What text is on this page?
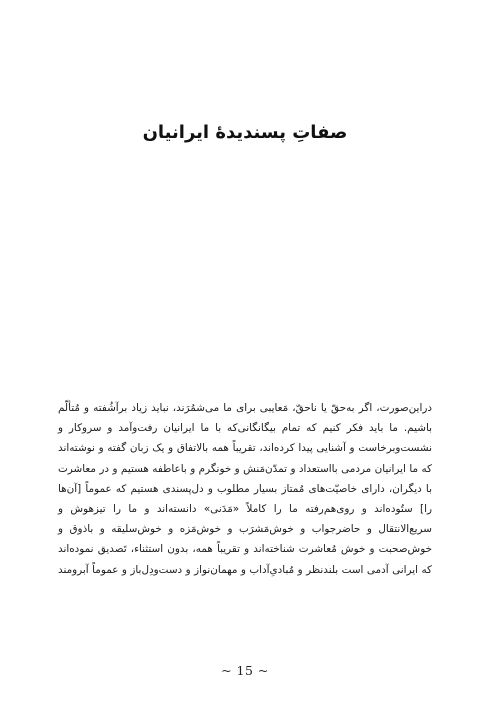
صفاتِ پسندیدهٔ ایرانیان

دراین‌صورت، اگر به‌حقّ یا ناحقّ، مَعایبی برای ما می‌شمُرَند، نباید زیاد برآشُفته و مُتألّم باشیم. ما باید فکر کنیم که تمام بیگانگانی‌که با ما ایرانیان رفت‌وآمد و سروکار و نشست‌وبرخاست و آشنایی پیدا کرده‌اند، تقریباً همه بالاتفاق و یک زبان گفته و نوشته‌اند که ما ایرانیان مردمی بااستعداد و تمدّن‌مَنش و خونگرم و باعاطفه هستیم و در معاشرت با دیگران، دارای خاصیّت‌های مُمتاز بسیار مطلوب و دل‌پسندی هستیم که عموماً [آن‌ها را] ستُوده‌اند و روی‌هم‌رفته ما را کاملاً «مَدَنی» دانسته‌اند و ما را تیزهوش و سریع‌الانتقال و حاضرجواب و خوش‌مَشرَب و خوش‌مَزه و خوش‌سلیقه و باذوق و خوش‌صحبت و خوش مُعاشرت شناخته‌اند و تقریباً همه، بدون استثناء، تَصدیق نموده‌اند که ایرانی آدمی است بلندنظر و مُبادیِ‌آداب و مهمان‌نواز و دست‌ودِل‌باز و عموماً آبرومند

~ 15 ~
